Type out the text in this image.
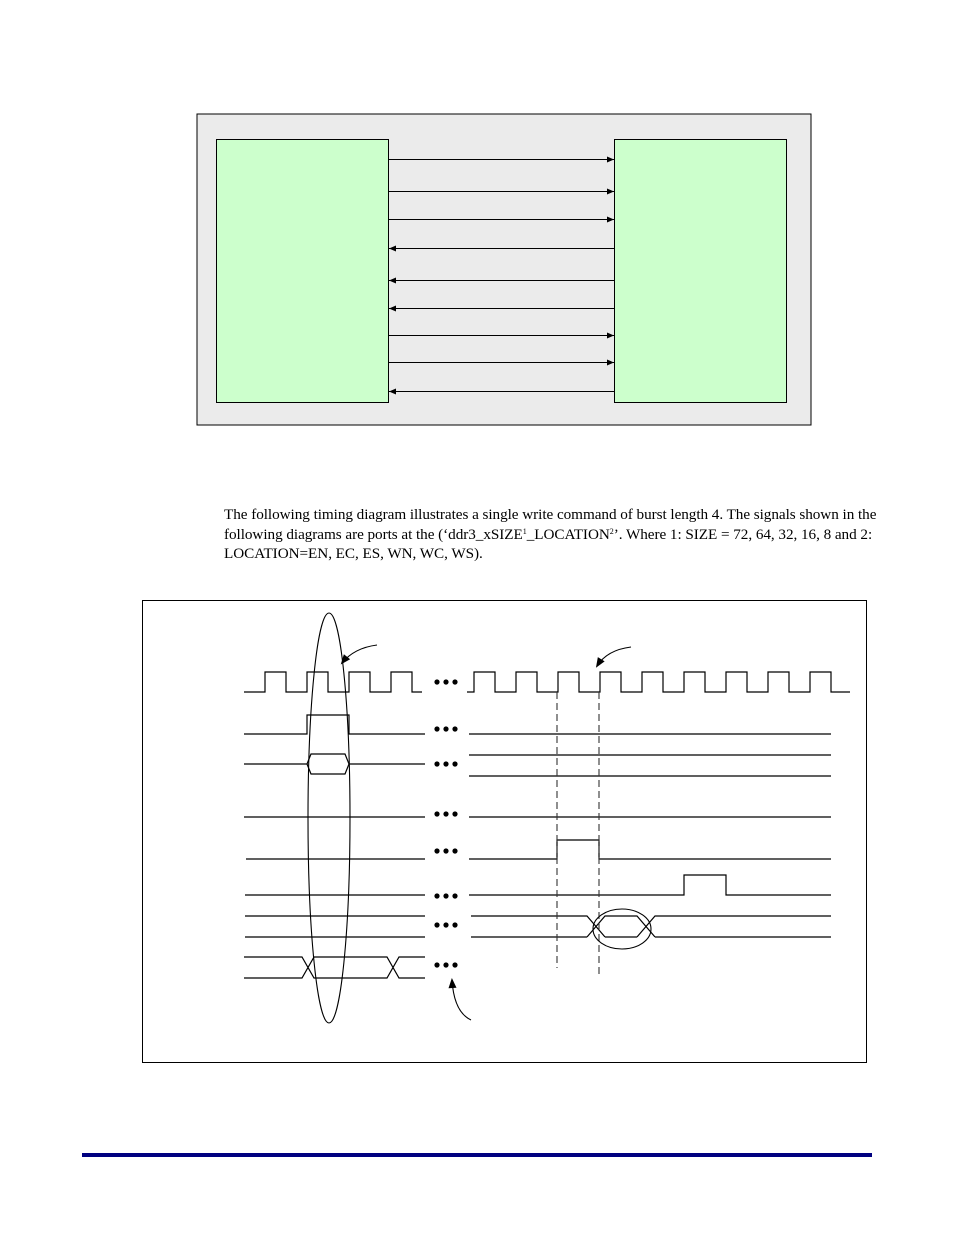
The following timing diagram illustrates a single write command of burst length 4. The signals shown in the following diagrams are ports at the (‘ddr3_xSIZE$^1$_LOCATION$^2$’. Where 1: SIZE = 72, 64, 32, 16, 8 and 2: LOCATION=EN, EC, ES, WN, WC, WS).
